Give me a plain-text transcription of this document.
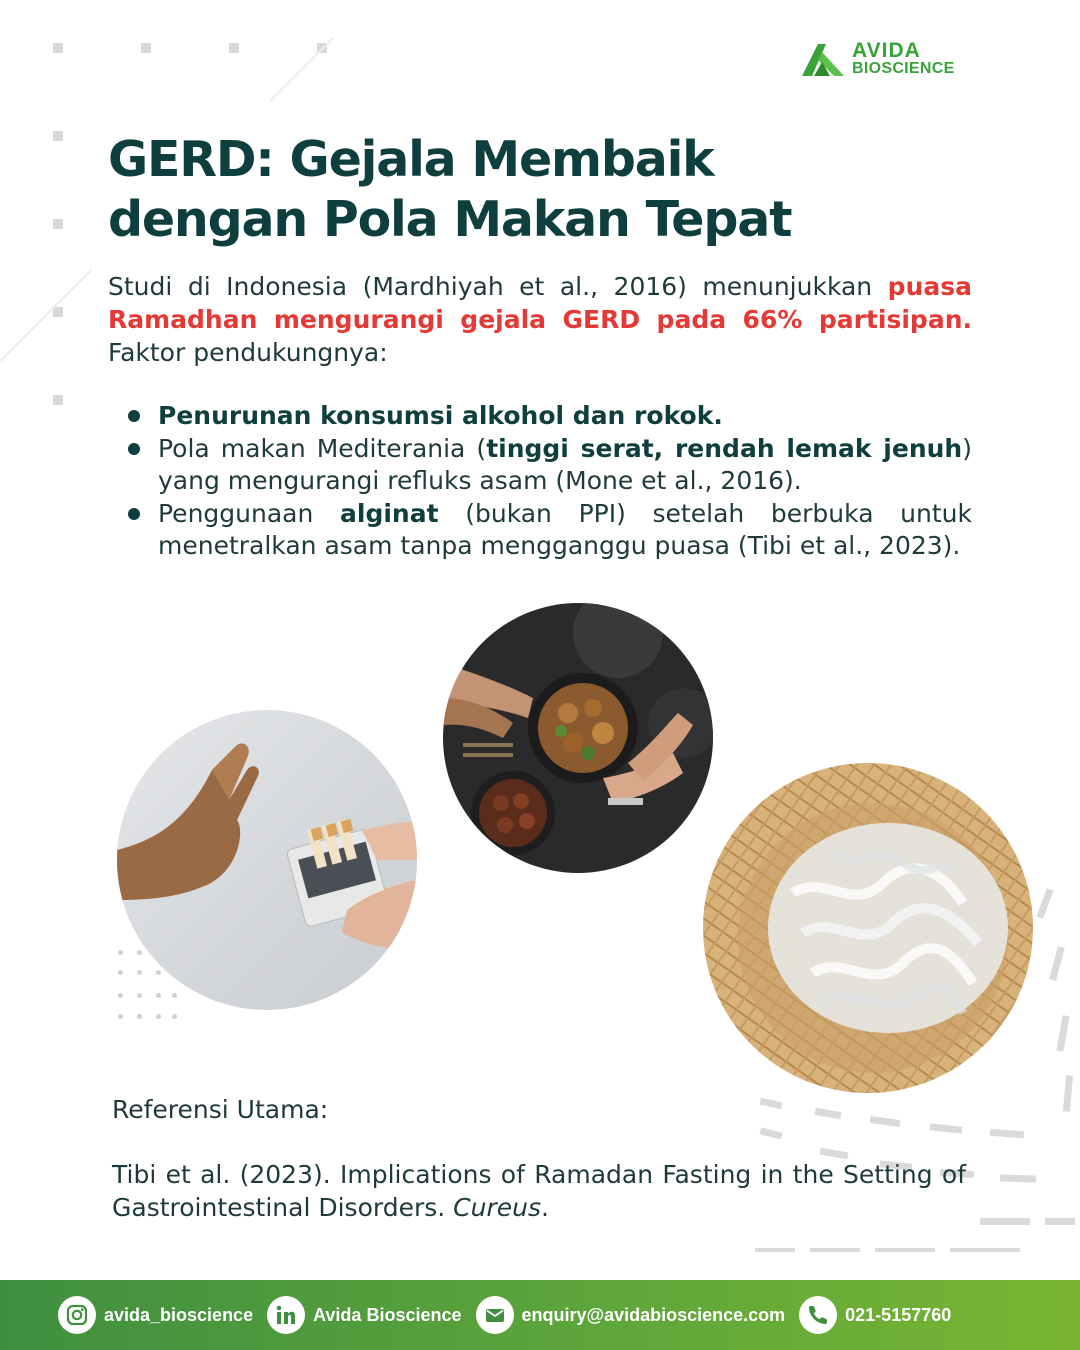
AVIDA
BIOSCIENCE
GERD: Gejala Membaik
dengan Pola Makan Tepat

Studi di Indonesia (Mardhiyah et al., 2016) menunjukkan puasa Ramadhan mengurangi gejala GERD pada 66% partisipan. Faktor pendukungnya:

Penurunan konsumsi alkohol dan rokok.
Pola makan Mediterania (tinggi serat, rendah lemak jenuh) yang mengurangi refluks asam (Mone et al., 2016).
Penggunaan alginat (bukan PPI) setelah berbuka untuk menetralkan asam tanpa mengganggu puasa (Tibi et al., 2023).
Referensi Utama:

Tibi et al. (2023). Implications of Ramadan Fasting in the Setting of Gastrointestinal Disorders. Cureus.

avida_bioscience	Avida Bioscience	enquiry@avidabioscience.com	021-5157760
